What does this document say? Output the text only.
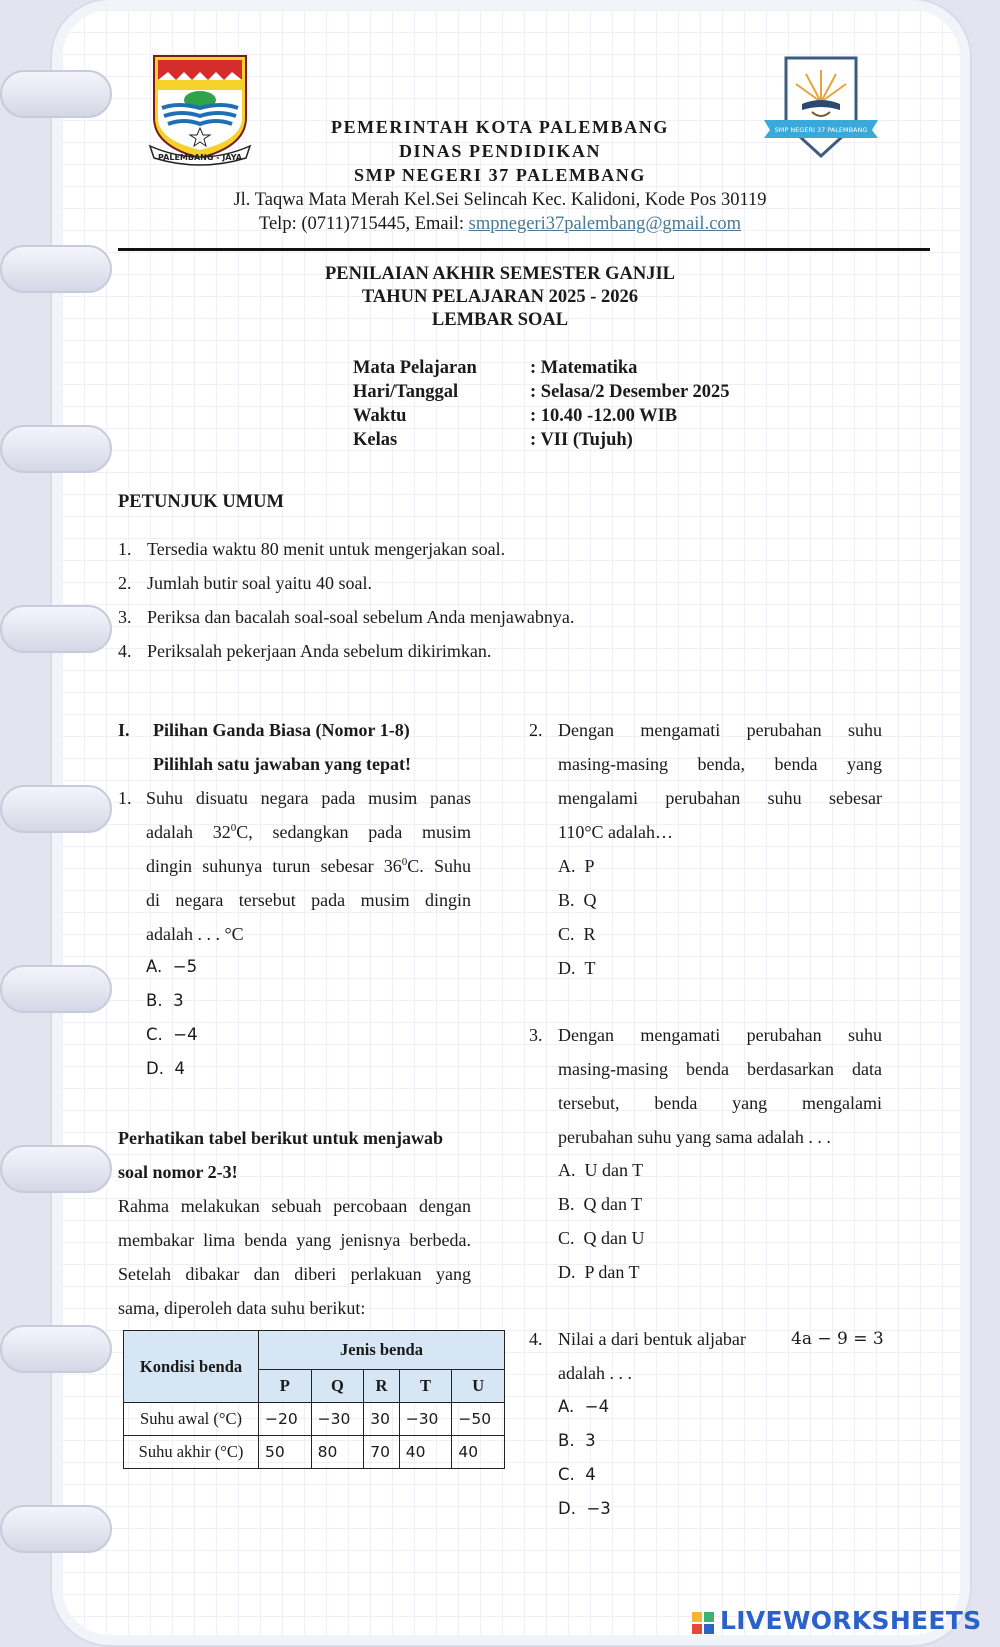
PALEMBANG - JAYA
SMP NEGERI 37 PALEMBANG
PEMERINTAH KOTA PALEMBANG
DINAS PENDIDIKAN
SMP NEGERI 37 PALEMBANG
Jl. Taqwa Mata Merah Kel.Sei Selincah Kec. Kalidoni, Kode Pos 30119
Telp: (0711)715445, Email: smpnegeri37palembang@gmail.com
PENILAIAN AKHIR SEMESTER GANJIL
TAHUN PELAJARAN 2025 - 2026
LEMBAR SOAL
Mata Pelajaran	: Matematika
Hari/Tanggal	: Selasa/2 Desember 2025
Waktu	: 10.40 -12.00 WIB
Kelas	: VII (Tujuh)
PETUNJUK UMUM
1. Tersedia waktu 80 menit untuk mengerjakan soal.
2. Jumlah butir soal yaitu 40 soal.
3. Periksa dan bacalah soal-soal sebelum Anda menjawabnya.
4. Periksalah pekerjaan Anda sebelum dikirimkan.
I. Pilihan Ganda Biasa (Nomor 1-8)
Pilihlah satu jawaban yang tepat!
1. Suhu disuatu negara pada musim panas
adalah $32^0C$, sedangkan pada musim
dingin suhunya turun sebesar $36^0C$. Suhu
di negara tersebut pada musim dingin
adalah . . . °C
A. −5
B. 3
C. −4
D. 4
Perhatikan tabel berikut untuk menjawab
soal nomor 2-3!
Rahma melakukan sebuah percobaan dengan
membakar lima benda yang jenisnya berbeda.
Setelah dibakar dan diberi perlakuan yang
sama, diperoleh data suhu berikut:
Kondisi benda	Jenis benda				
	P	Q	R	T	U
Suhu awal (°C)	−20	−30	30	−30	−50
Suhu akhir (°C)	50	80	70	40	40
2. Dengan mengamati perubahan suhu
masing-masing benda, benda yang
mengalami perubahan suhu sebesar
110°C adalah…
A. P
B. Q
C. R
D. T
3. Dengan mengamati perubahan suhu
masing-masing benda berdasarkan data
tersebut, benda yang mengalami
perubahan suhu yang sama adalah . . .
A. U dan T
B. Q dan T
C. Q dan U
D. P dan T
4. Nilai a dari bentuk aljabar	4a − 9 = 3
adalah . . .
A. −4
B. 3
C. 4
D. −3
LIVEWORKSHEETS
